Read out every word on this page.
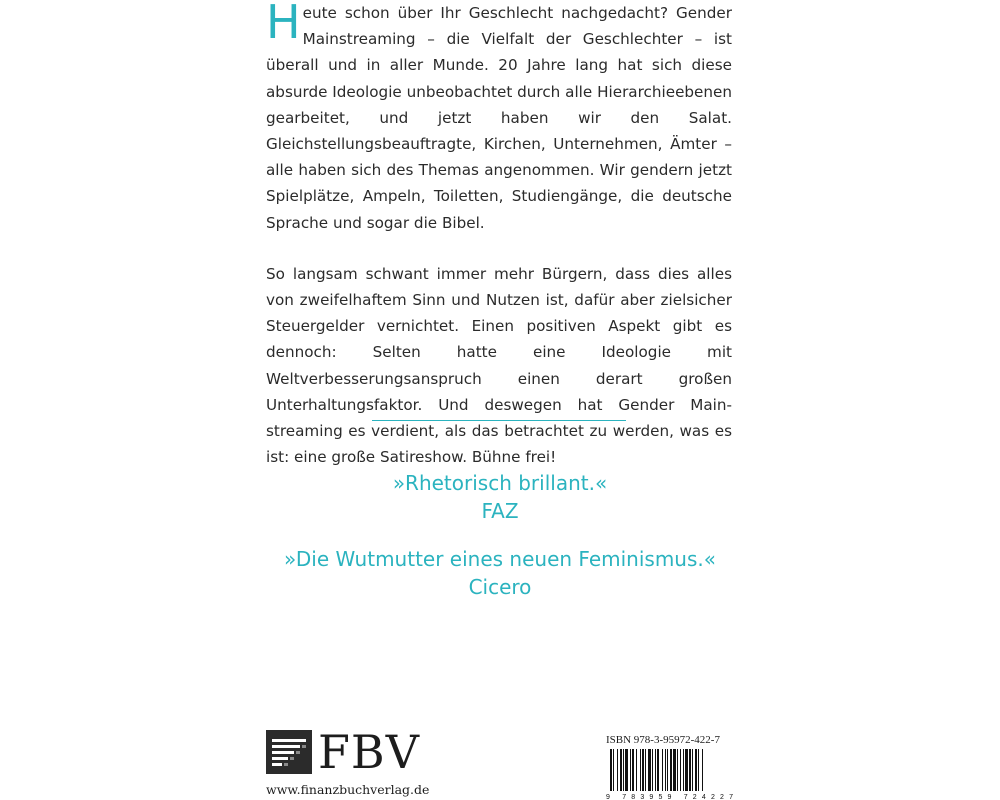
H eute schon über Ihr Geschlecht nachgedacht? Gender Mainstreaming – die Vielfalt der Geschlechter – ist überall und in aller Munde. 20 Jahre lang hat sich diese absurde Ideologie unbeobachtet durch alle Hierarchieebenen gearbeitet, und jetzt haben wir den Salat. Gleichstellungsbeauftragte, Kirchen, Unternehmen, Ämter – alle haben sich des Themas angenommen. Wir gendern jetzt Spielplätze, Ampeln, Toiletten, Studiengänge, die deutsche Sprache und sogar die Bibel.

So langsam schwant immer mehr Bürgern, dass dies alles von zweifelhaftem Sinn und Nutzen ist, dafür aber zielsicher Steuergelder vernichtet. Einen positiven Aspekt gibt es dennoch: Selten hatte eine Ideologie mit Weltverbesserungsanspruch einen derart großen Unterhaltungsfaktor. Und deswegen hat Gender Mainstreaming es verdient, als das betrachtet zu werden, was es ist: eine große Satireshow. Bühne frei!

»Rhetorisch brillant.«
FAZ
»Die Wutmutter eines neuen Feminismus.«
Cicero
FBV
www.finanzbuchverlag.de
ISBN 978-3-95972-422-7
9 783959 724227
